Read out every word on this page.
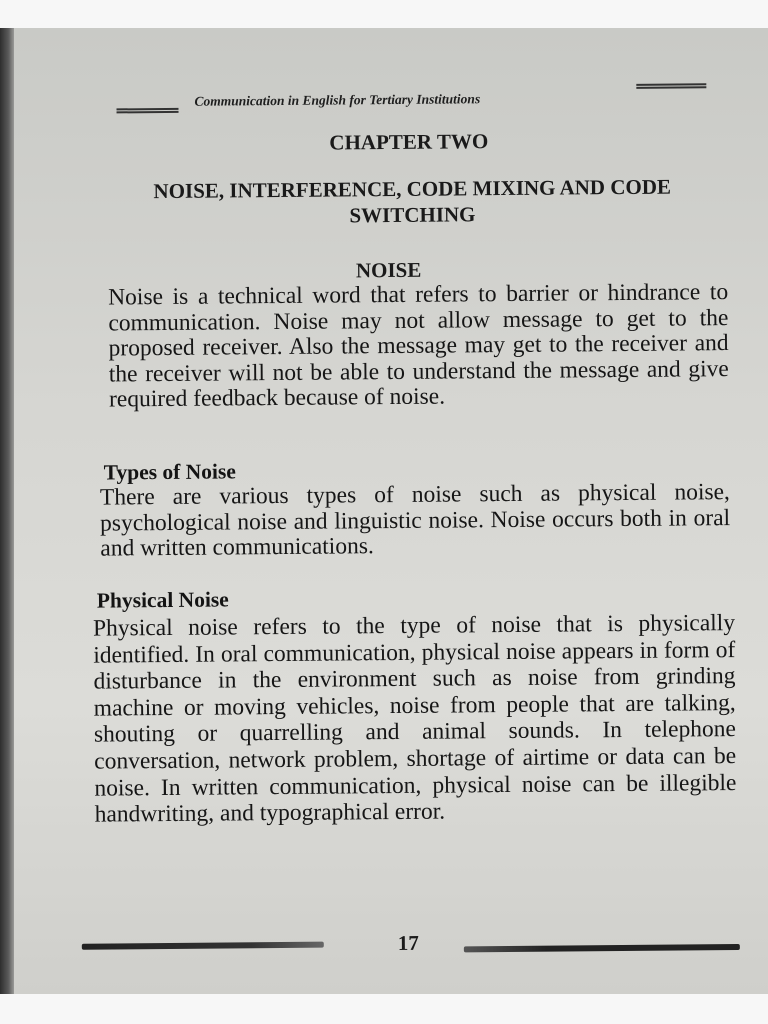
Communication in English for Tertiary Institutions
CHAPTER TWO
NOISE, INTERFERENCE, CODE MIXING AND CODE SWITCHING
NOISE
Noise is a technical word that refers to barrier or hindrance to communication. Noise may not allow message to get to the proposed receiver. Also the message may get to the receiver and the receiver will not be able to understand the message and give required feedback because of noise.
Types of Noise
There are various types of noise such as physical noise, psychological noise and linguistic noise. Noise occurs both in oral and written communications.
Physical Noise
Physical noise refers to the type of noise that is physically identified. In oral communication, physical noise appears in form of disturbance in the environment such as noise from grinding machine or moving vehicles, noise from people that are talking, shouting or quarrelling and animal sounds. In telephone conversation, network problem, shortage of airtime or data can be noise. In written communication, physical noise can be illegible handwriting, and typographical error.
17
